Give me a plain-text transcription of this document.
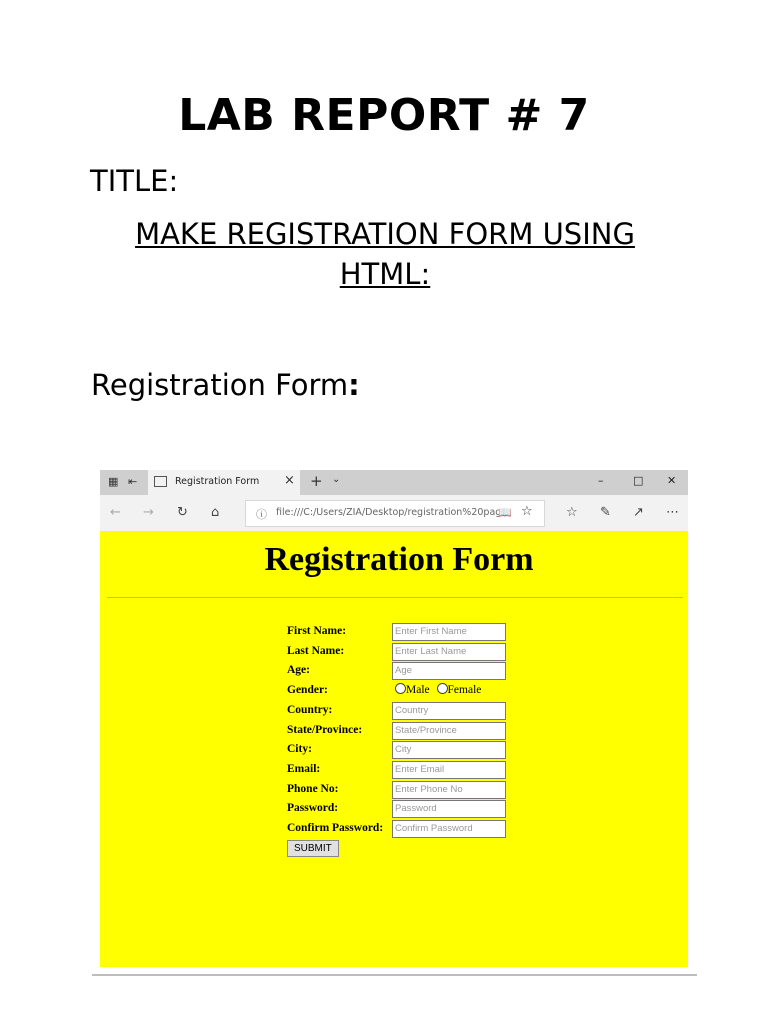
LAB REPORT # 7

TITLE:

MAKE REGISTRATION FORM USING HTML:

Registration Form:

▦ ⇤	Registration Form × + ⌄	–	□ ✕
← → ↻ ⌂	ⓘ file:///C:/Users/ZIA/Desktop/registration%20pag
📖 ☆	☆ ✎ ↗ ⋯
Registration Form
First Name:
Enter First Name
Last Name:
Enter Last Name
Age:
Age
Gender:	Male Female
Country:
Country
State/Province:
State/Province
City:
City
Email:
Enter Email
Phone No:
Enter Phone No
Password:
Password
Confirm Password:
Confirm Password
SUBMIT
